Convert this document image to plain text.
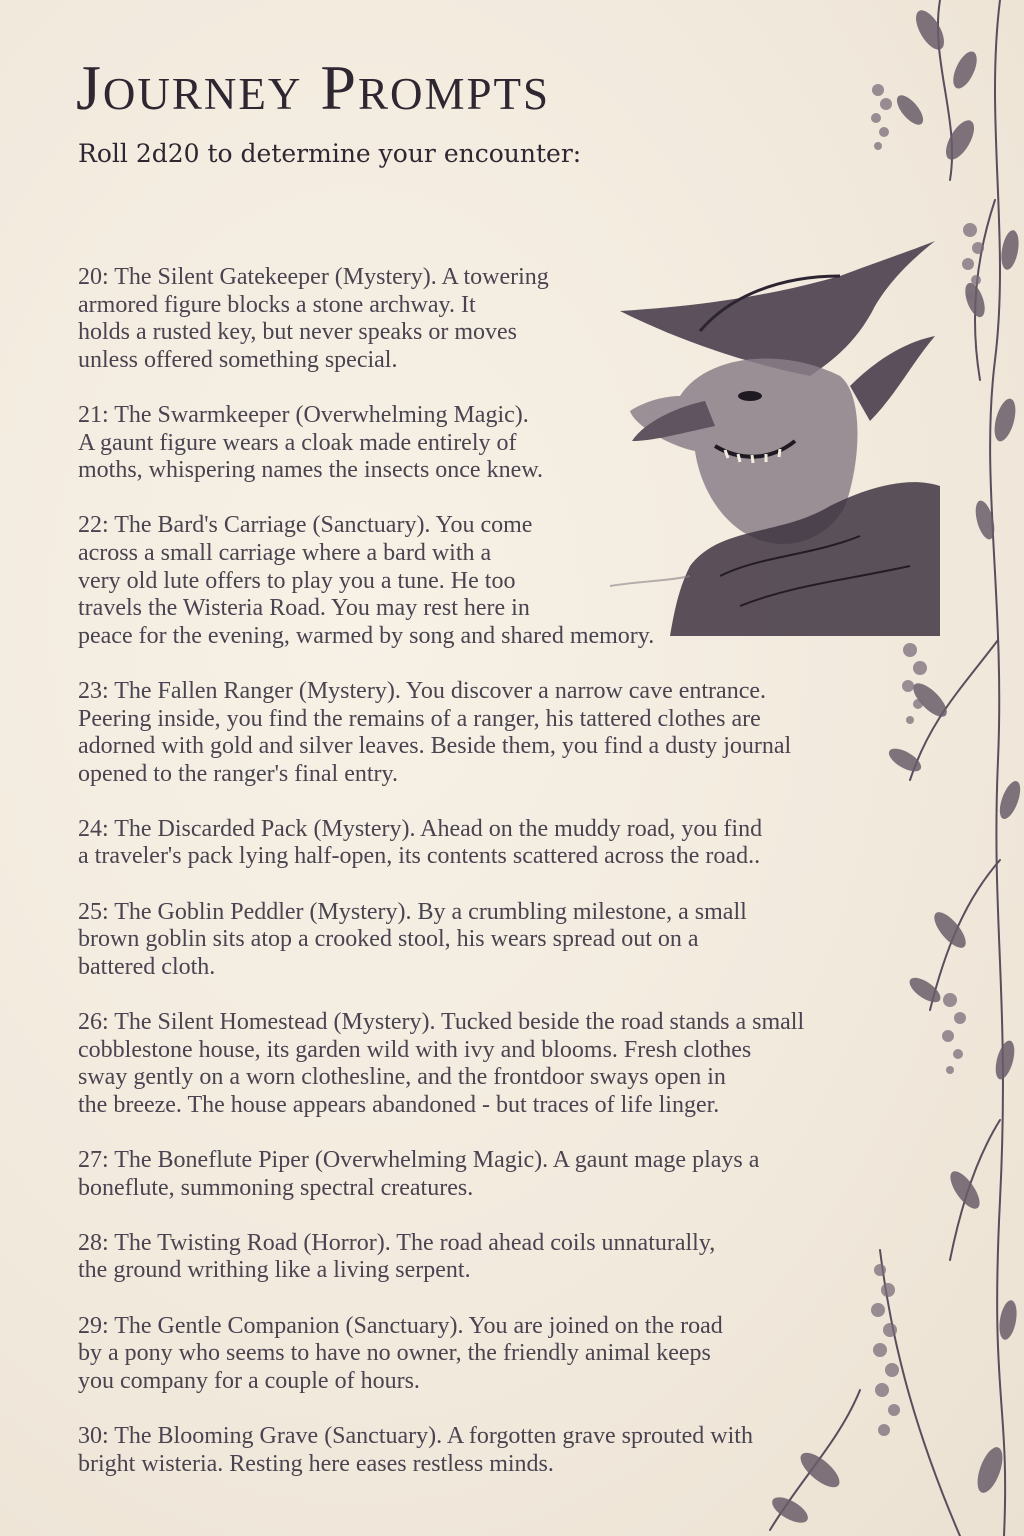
Journey Prompts

Roll 2d20 to determine your encounter:

20: The Silent Gatekeeper (Mystery). A towering
armored figure blocks a stone archway. It
holds a rusted key, but never speaks or moves
unless offered something special.

21: The Swarmkeeper (Overwhelming Magic).
A gaunt figure wears a cloak made entirely of
moths, whispering names the insects once knew.

22: The Bard's Carriage (Sanctuary). You come
across a small carriage where a bard with a
very old lute offers to play you a tune. He too
travels the Wisteria Road. You may rest here in
peace for the evening, warmed by song and shared memory.

23: The Fallen Ranger (Mystery). You discover a narrow cave entrance.
Peering inside, you find the remains of a ranger, his tattered clothes are
adorned with gold and silver leaves. Beside them, you find a dusty journal
opened to the ranger's final entry.

24: The Discarded Pack (Mystery). Ahead on the muddy road, you find
a traveler's pack lying half-open, its contents scattered across the road..

25: The Goblin Peddler (Mystery). By a crumbling milestone, a small
brown goblin sits atop a crooked stool, his wears spread out on a
battered cloth.

26: The Silent Homestead (Mystery). Tucked beside the road stands a small
cobblestone house, its garden wild with ivy and blooms. Fresh clothes
sway gently on a worn clothesline, and the frontdoor sways open in
the breeze. The house appears abandoned - but traces of life linger.

27: The Boneflute Piper (Overwhelming Magic). A gaunt mage plays a
boneflute, summoning spectral creatures.

28: The Twisting Road (Horror). The road ahead coils unnaturally,
the ground writhing like a living serpent.

29: The Gentle Companion (Sanctuary). You are joined on the road
by a pony who seems to have no owner, the friendly animal keeps
you company for a couple of hours.

30: The Blooming Grave (Sanctuary). A forgotten grave sprouted with
bright wisteria. Resting here eases restless minds.
